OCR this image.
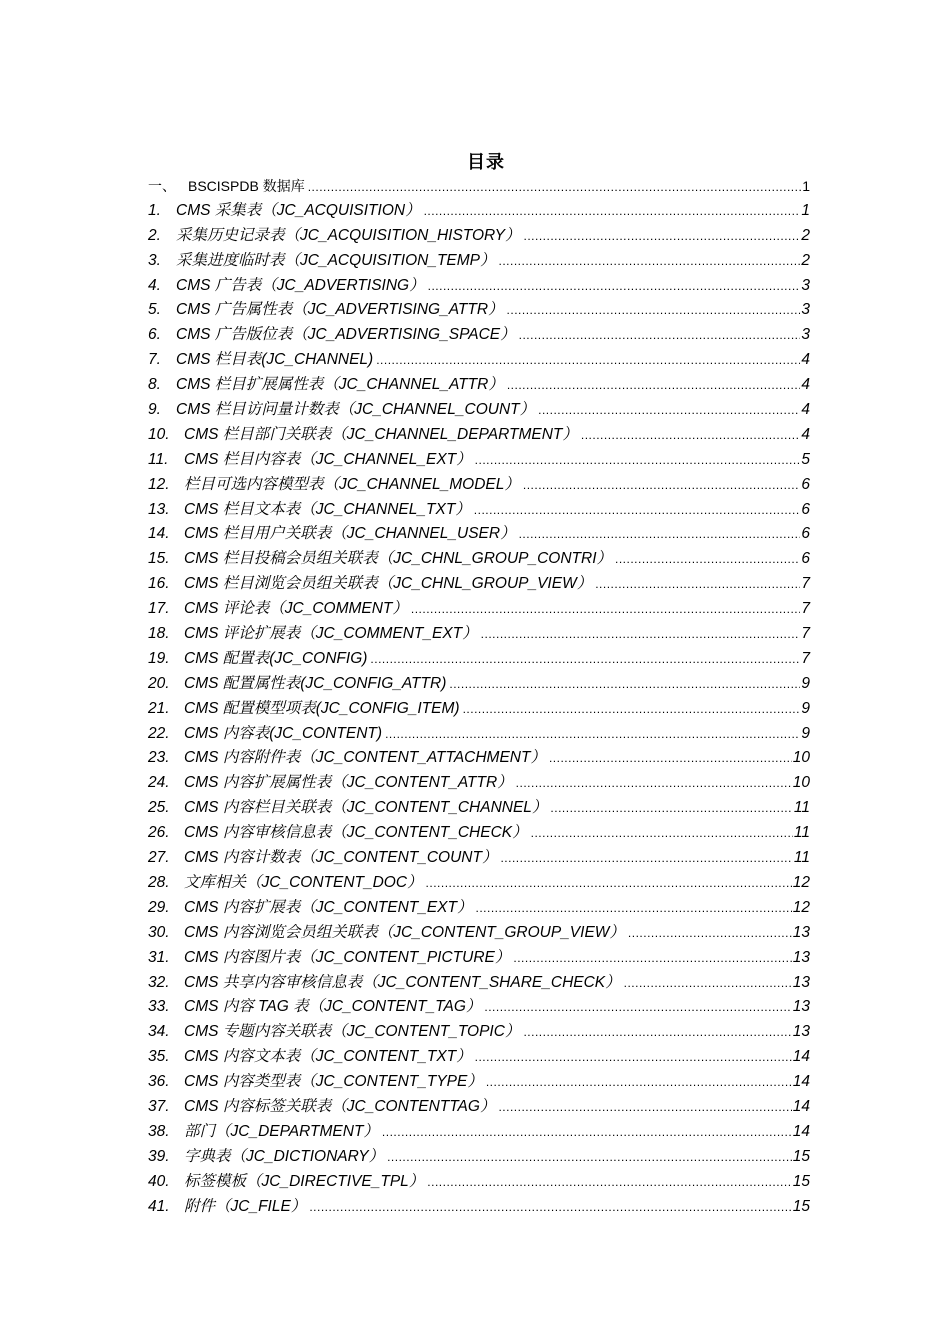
目录
一、 BSCISPDB 数据库 .....	1
1. CMS 采集表（JC_ACQUISITION） .....	1
2. 采集历史记录表（JC_ACQUISITION_HISTORY） .....	2
3. 采集进度临时表（JC_ACQUISITION_TEMP） .....	2
4. CMS 广告表（JC_ADVERTISING） .....	3
5. CMS 广告属性表（JC_ADVERTISING_ATTR） .....	3
6. CMS 广告版位表（JC_ADVERTISING_SPACE） .....	3
7. CMS 栏目表(JC_CHANNEL) .....	4
8. CMS 栏目扩展属性表（JC_CHANNEL_ATTR） .....	4
9. CMS 栏目访问量计数表（JC_CHANNEL_COUNT） .....	4
10. CMS 栏目部门关联表（JC_CHANNEL_DEPARTMENT） .....	4
11.	CMS 栏目内容表（JC_CHANNEL_EXT） .....	5
12. 栏目可选内容模型表（JC_CHANNEL_MODEL） .....	6
13. CMS 栏目文本表（JC_CHANNEL_TXT） .....	6
14. CMS 栏目用户关联表（JC_CHANNEL_USER） .....	6
15. CMS 栏目投稿会员组关联表（JC_CHNL_GROUP_CONTRI） .....	6
16. CMS 栏目浏览会员组关联表（JC_CHNL_GROUP_VIEW） .....	7
17. CMS 评论表（JC_COMMENT） .....	7
18. CMS 评论扩展表（JC_COMMENT_EXT） .....	7
19. CMS 配置表(JC_CONFIG) .....	7
20. CMS 配置属性表(JC_CONFIG_ATTR) .....	9
21. CMS 配置模型项表(JC_CONFIG_ITEM) .....	9
22. CMS 内容表(JC_CONTENT) .....	9
23. CMS 内容附件表（JC_CONTENT_ATTACHMENT） .....	10
24. CMS 内容扩展属性表（JC_CONTENT_ATTR） .....	10
25. CMS 内容栏目关联表（JC_CONTENT_CHANNEL） .....	11
26. CMS 内容审核信息表（JC_CONTENT_CHECK） .....	11
27. CMS 内容计数表（JC_CONTENT_COUNT） .....	11
28. 文库相关（JC_CONTENT_DOC） .....	12
29. CMS 内容扩展表（JC_CONTENT_EXT） .....	12
30. CMS 内容浏览会员组关联表（JC_CONTENT_GROUP_VIEW） .....	13
31. CMS 内容图片表（JC_CONTENT_PICTURE） .....	13
32. CMS 共享内容审核信息表（JC_CONTENT_SHARE_CHECK） .....	13
33. CMS 内容 TAG 表（JC_CONTENT_TAG） .....	13
34. CMS 专题内容关联表（JC_CONTENT_TOPIC） .....	13
35. CMS 内容文本表（JC_CONTENT_TXT） .....	14
36. CMS 内容类型表（JC_CONTENT_TYPE） .....	14
37. CMS 内容标签关联表（JC_CONTENTTAG） .....	14
38. 部门（JC_DEPARTMENT） .....	14
39. 字典表（JC_DICTIONARY） .....	15
40. 标签模板（JC_DIRECTIVE_TPL） .....	15
41. 附件（JC_FILE） .....	15
